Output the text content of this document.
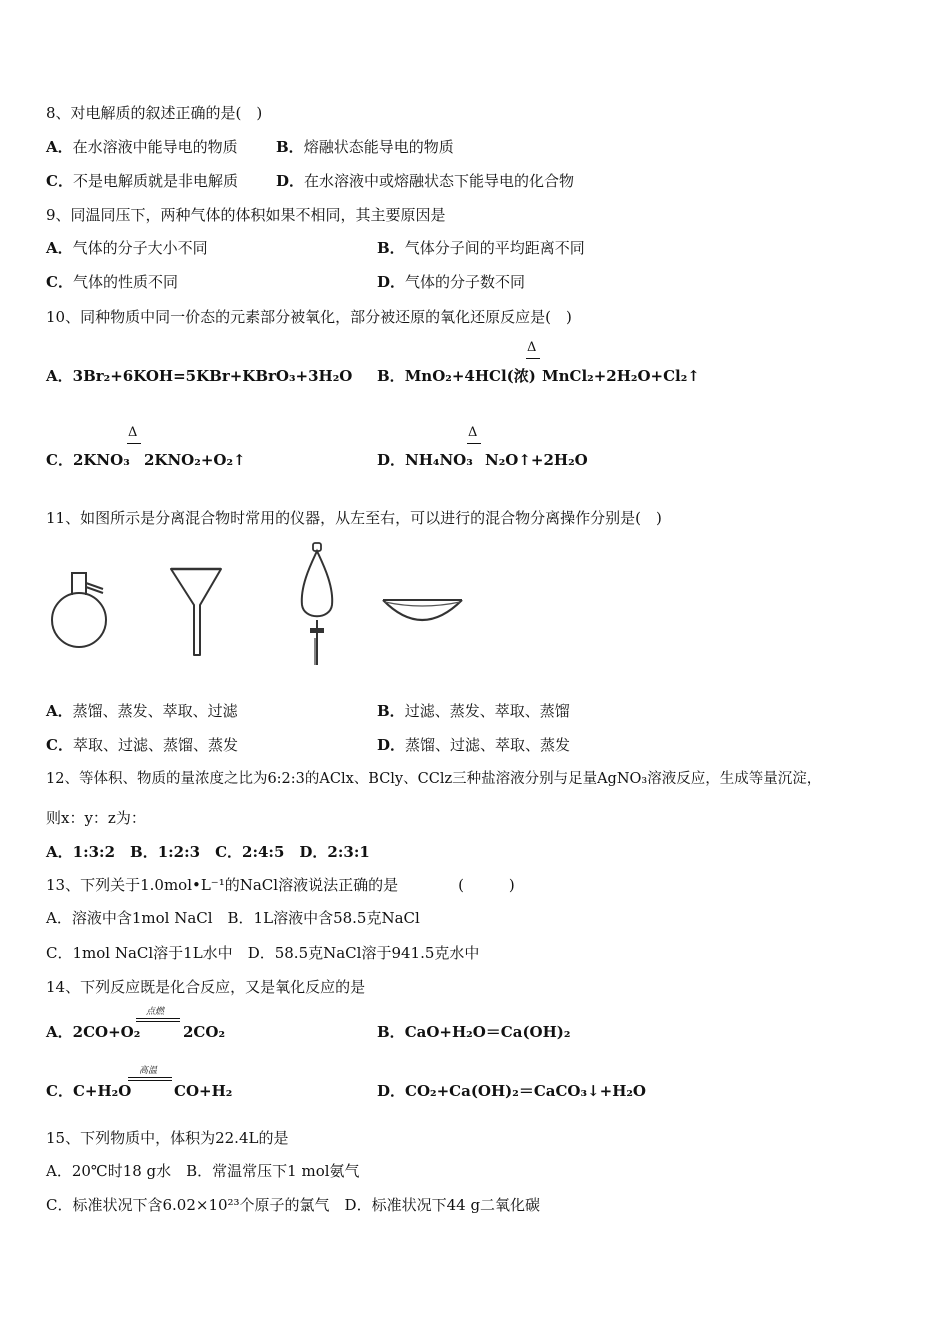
8、对电解质的叙述正确的是(　)
A．在水溶液中能导电的物质	B．熔融状态能导电的物质
C．不是电解质就是非电解质	D．在水溶液中或熔融状态下能导电的化合物
9、同温同压下，两种气体的体积如果不相同，其主要原因是
A．气体的分子大小不同	B．气体分子间的平均距离不同
C．气体的性质不同	D．气体的分子数不同
10、同种物质中同一价态的元素部分被氧化，部分被还原的氧化还原反应是(　)
A．3Br₂+6KOH=5KBr+KBrO₃+3H₂O B．MnO₂+4HCl(浓)
Δ
MnCl₂+2H₂O+Cl₂↑
C．2KNO₃
Δ
2KNO₂+O₂↑	D．NH₄NO₃
Δ
N₂O↑+2H₂O
11、如图所示是分离混合物时常用的仪器，从左至右，可以进行的混合物分离操作分别是(　)
A．蒸馏、蒸发、萃取、过滤	B．过滤、蒸发、萃取、蒸馏
C．萃取、过滤、蒸馏、蒸发	D．蒸馏、过滤、萃取、蒸发
12、等体积、物质的量浓度之比为6:2:3的AClx、BCly、CClz三种盐溶液分别与足量AgNO₃溶液反应，生成等量沉淀，
则x：y：z为：
A．1:3:2　B．1:2:3　C．2:4:5　D．2:3:1
13、下列关于1.0mol•L⁻¹的NaCl溶液说法正确的是　　　　(　　　)
A．溶液中含1mol NaCl　B．1L溶液中含58.5克NaCl
C．1mol NaCl溶于1L水中　D．58.5克NaCl溶于941.5克水中
14、下列反应既是化合反应，又是氧化反应的是
A．2CO+O₂
点燃
2CO₂	B．CaO+H₂O＝Ca(OH)₂
C．C+H₂O
高温
CO+H₂	D．CO₂+Ca(OH)₂＝CaCO₃↓+H₂O
15、下列物质中，体积为22.4L的是
A．20℃时18 g水　B．常温常压下1 mol氨气
C．标准状况下含6.02×10²³个原子的氯气　D．标准状况下44 g二氧化碳
